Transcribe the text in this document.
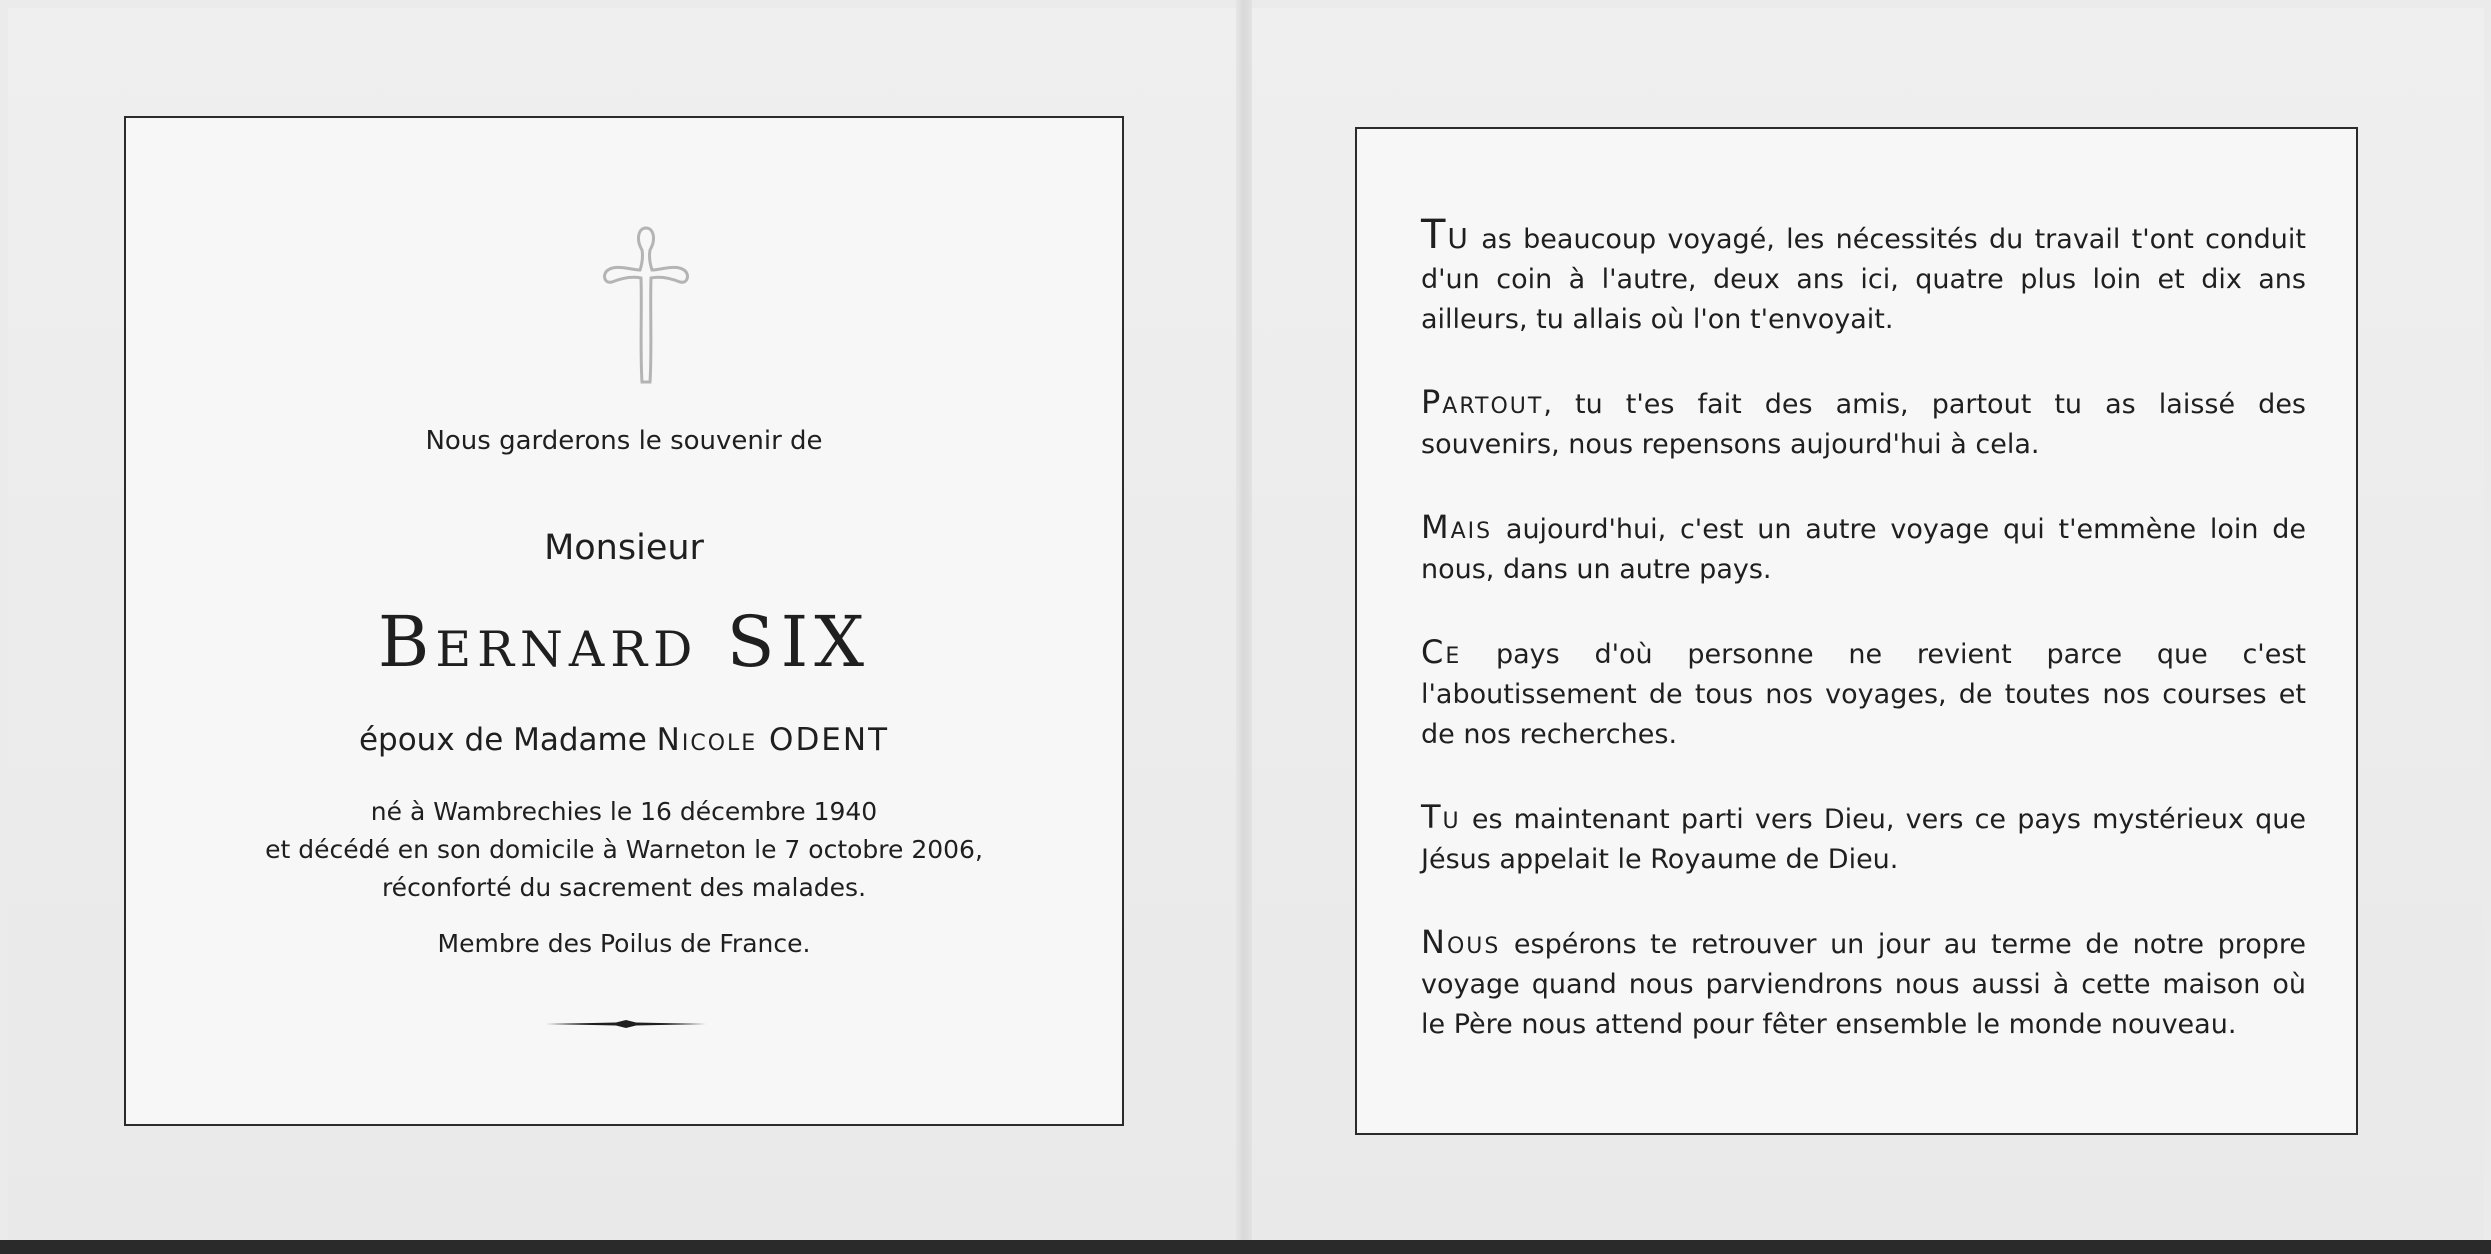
Nous garderons le souvenir de
Monsieur
Bernard SIX
époux de Madame Nicole ODENT
né à Wambrechies le 16 décembre 1940
et décédé en son domicile à Warneton le 7 octobre 2006,
réconforté du sacrement des malades.
Membre des Poilus de France.

Tu as beaucoup voyagé, les nécessités du travail t'ont conduit d'un coin à l'autre, deux ans ici, quatre plus loin et dix ans ailleurs, tu allais où l'on t'envoyait.

Partout, tu t'es fait des amis, partout tu as laissé des souvenirs, nous repensons aujourd'hui à cela.

Mais aujourd'hui, c'est un autre voyage qui t'emmène loin de nous, dans un autre pays.

Ce pays d'où personne ne revient parce que c'est l'aboutissement de tous nos voyages, de toutes nos courses et de nos recherches.

Tu es maintenant parti vers Dieu, vers ce pays mystérieux que Jésus appelait le Royaume de Dieu.

Nous espérons te retrouver un jour au terme de notre propre voyage quand nous parviendrons nous aussi à cette maison où le Père nous attend pour fêter ensemble le monde nouveau.
